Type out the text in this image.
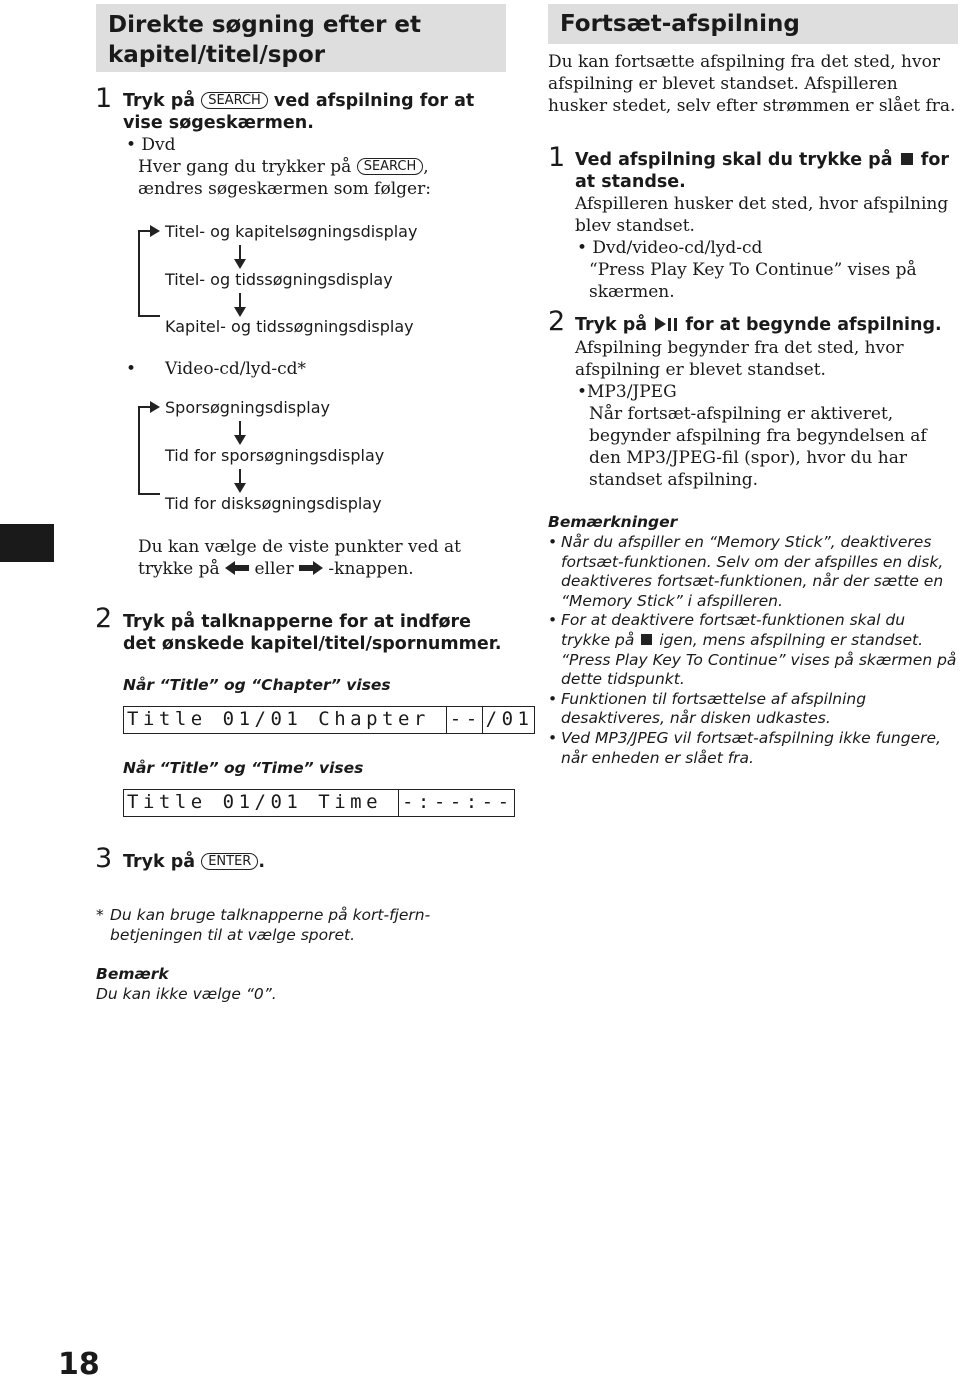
Direkte søgning efter et kapitel/titel/spor
1 Tryk på SEARCH ved afspilning for at vise søgeskærmen.
• Dvd
Hver gang du trykker på SEARCH ,
ændres søgeskærmen som følger:
Titel- og kapitelsøgningsdisplay
Titel- og tidssøgningsdisplay
Kapitel- og tidssøgningsdisplay
• Video-cd/lyd-cd*
Sporsøgningsdisplay
Tid for sporsøgningsdisplay
Tid for disksøgningsdisplay
Du kan vælge de viste punkter ved at
trykke på eller -knappen.
2 Tryk på talknapperne for at indføre det ønskede kapitel/titel/spornummer.
Når “Title” og “Chapter” vises
Title 01/01 Chapter -- /01
Når “Title” og “Time” vises
Title 01/01 Time -:--:--
3 Tryk på ENTER .
* Du kan bruge talknapperne på kort-fjern-betjeningen til at vælge sporet.
Bemærk
Du kan ikke vælge “0”.
18
Fortsæt-afspilning
Du kan fortsætte afspilning fra det sted, hvor afspilning er blevet standset. Afspilleren husker stedet, selv efter strømmen er slået fra.
1 Ved afspilning skal du trykke på for at standse.
Afspilleren husker det sted, hvor afspilning blev standset.
• Dvd/video-cd/lyd-cd
“Press Play Key To Continue” vises på skærmen.
2 Tryk på for at begynde afspilning.
Afspilning begynder fra det sted, hvor afspilning er blevet standset.
•MP3/JPEG
Når fortsæt-afspilning er aktiveret, begynder afspilning fra begyndelsen af den MP3/JPEG-fil (spor), hvor du har standset afspilning.
Bemærkninger
• Når du afspiller en “Memory Stick”, deaktiveres fortsæt-funktionen. Selv om der afspilles en disk, deaktiveres fortsæt-funktionen, når der sætte en “Memory Stick” i afspilleren.
• For at deaktivere fortsæt-funktionen skal du trykke på igen, mens afspilning er standset. “Press Play Key To Continue” vises på skærmen på dette tidspunkt.
• Funktionen til fortsættelse af afspilning desaktiveres, når disken udkastes.
• Ved MP3/JPEG vil fortsæt-afspilning ikke fungere, når enheden er slået fra.
